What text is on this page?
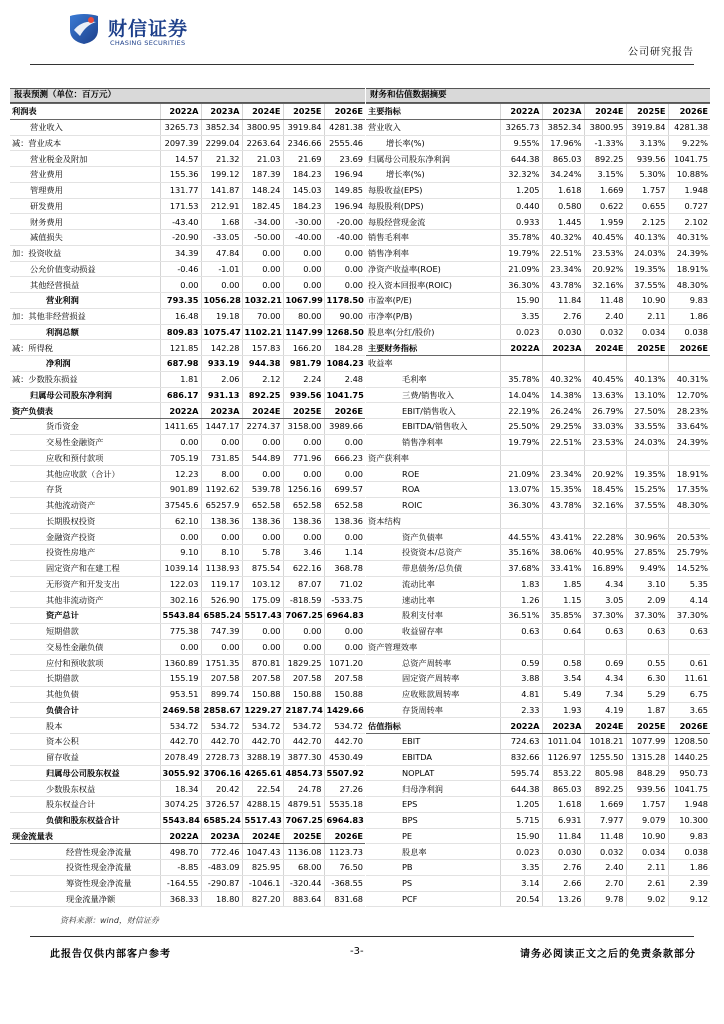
财信证券
CHASING SECURITIES
公司研究报告
报表预测（单位：百万元）
利润表	2022A	2023A	2024E	2025E	2026E
营业收入	3265.73	3852.34	3800.95	3919.84	4281.38
减：营业成本	2097.39	2299.04	2263.64	2346.66	2555.46
营业税金及附加	14.57	21.32	21.03	21.69	23.69
营业费用	155.36	199.12	187.39	184.23	196.94
管理费用	131.77	141.87	148.24	145.03	149.85
研发费用	171.53	212.91	182.45	184.23	196.94
财务费用	-43.40	1.68	-34.00	-30.00	-20.00
减值损失	-20.90	-33.05	-50.00	-40.00	-40.00
加：投资收益	34.39	47.84	0.00	0.00	0.00
公允价值变动损益	-0.46	-1.01	0.00	0.00	0.00
其他经营损益	0.00	0.00	0.00	0.00	0.00
营业利润	793.35	1056.28	1032.21	1067.99	1178.50
加：其他非经营损益	16.48	19.18	70.00	80.00	90.00
利润总额	809.83	1075.47	1102.21	1147.99	1268.50
减：所得税	121.85	142.28	157.83	166.20	184.28
净利润	687.98	933.19	944.38	981.79	1084.23
减：少数股东损益	1.81	2.06	2.12	2.24	2.48
归属母公司股东净利润	686.17	931.13	892.25	939.56	1041.75
资产负债表	2022A	2023A	2024E	2025E	2026E
货币资金	1411.65	1447.17	2274.37	3158.00	3989.66
交易性金融资产	0.00	0.00	0.00	0.00	0.00
应收和预付款项	705.19	731.85	544.89	771.96	666.23
其他应收款（合计）	12.23	8.00	0.00	0.00	0.00
存货	901.89	1192.62	539.78	1256.16	699.57
其他流动资产	37545.6	65257.9	652.58	652.58	652.58
长期股权投资	62.10	138.36	138.36	138.36	138.36
金融资产投资	0.00	0.00	0.00	0.00	0.00
投资性房地产	9.10	8.10	5.78	3.46	1.14
固定资产和在建工程	1039.14	1138.93	875.54	622.16	368.78
无形资产和开发支出	122.03	119.17	103.12	87.07	71.02
其他非流动资产	302.16	526.90	175.09	-818.59	-533.75
资产总计	5543.84	6585.24	5517.43	7067.25	6964.83
短期借款	775.38	747.39	0.00	0.00	0.00
交易性金融负债	0.00	0.00	0.00	0.00	0.00
应付和预收款项	1360.89	1751.35	870.81	1829.25	1071.20
长期借款	155.19	207.58	207.58	207.58	207.58
其他负债	953.51	899.74	150.88	150.88	150.88
负债合计	2469.58	2858.67	1229.27	2187.74	1429.66
股本	534.72	534.72	534.72	534.72	534.72
资本公积	442.70	442.70	442.70	442.70	442.70
留存收益	2078.49	2728.73	3288.19	3877.30	4530.49
归属母公司股东权益	3055.92	3706.16	4265.61	4854.73	5507.92
少数股东权益	18.34	20.42	22.54	24.78	27.26
股东权益合计	3074.25	3726.57	4288.15	4879.51	5535.18
负债和股东权益合计	5543.84	6585.24	5517.43	7067.25	6964.83
现金流量表	2022A	2023A	2024E	2025E	2026E
经营性现金净流量	498.70	772.46	1047.43	1136.08	1123.73
投资性现金净流量	-8.85	-483.09	825.95	68.00	76.50
筹资性现金净流量	-164.55	-290.87	-1046.1	-320.44	-368.55
现金流量净额	368.33	18.80	827.20	883.64	831.68
财务和估值数据摘要
主要指标	2022A	2023A	2024E	2025E	2026E
营业收入	3265.73	3852.34	3800.95	3919.84	4281.38
增长率(%)	9.55%	17.96%	-1.33%	3.13%	9.22%
归属母公司股东净利润	644.38	865.03	892.25	939.56	1041.75
增长率(%)	32.32%	34.24%	3.15%	5.30%	10.88%
每股收益(EPS)	1.205	1.618	1.669	1.757	1.948
每股股利(DPS)	0.440	0.580	0.622	0.655	0.727
每股经营现金流	0.933	1.445	1.959	2.125	2.102
销售毛利率	35.78%	40.32%	40.45%	40.13%	40.31%
销售净利率	19.79%	22.51%	23.53%	24.03%	24.39%
净资产收益率(ROE)	21.09%	23.34%	20.92%	19.35%	18.91%
投入资本回报率(ROIC)	36.30%	43.78%	32.16%	37.55%	48.30%
市盈率(P/E)	15.90	11.84	11.48	10.90	9.83
市净率(P/B)	3.35	2.76	2.40	2.11	1.86
股息率(分红/股价)	0.023	0.030	0.032	0.034	0.038
主要财务指标	2022A	2023A	2024E	2025E	2026E
收益率					
毛利率	35.78%	40.32%	40.45%	40.13%	40.31%
三费/销售收入	14.04%	14.38%	13.63%	13.10%	12.70%
EBIT/销售收入	22.19%	26.24%	26.79%	27.50%	28.23%
EBITDA/销售收入	25.50%	29.25%	33.03%	33.55%	33.64%
销售净利率	19.79%	22.51%	23.53%	24.03%	24.39%
资产获利率					
ROE	21.09%	23.34%	20.92%	19.35%	18.91%
ROA	13.07%	15.35%	18.45%	15.25%	17.35%
ROIC	36.30%	43.78%	32.16%	37.55%	48.30%
资本结构					
资产负债率	44.55%	43.41%	22.28%	30.96%	20.53%
投资资本/总资产	35.16%	38.06%	40.95%	27.85%	25.79%
带息债务/总负债	37.68%	33.41%	16.89%	9.49%	14.52%
流动比率	1.83	1.85	4.34	3.10	5.35
速动比率	1.26	1.15	3.05	2.09	4.14
股利支付率	36.51%	35.85%	37.30%	37.30%	37.30%
收益留存率	0.63	0.64	0.63	0.63	0.63
资产管理效率					
总资产周转率	0.59	0.58	0.69	0.55	0.61
固定资产周转率	3.88	3.54	4.34	6.30	11.61
应收账款周转率	4.81	5.49	7.34	5.29	6.75
存货周转率	2.33	1.93	4.19	1.87	3.65
估值指标	2022A	2023A	2024E	2025E	2026E
EBIT	724.63	1011.04	1018.21	1077.99	1208.50
EBITDA	832.66	1126.97	1255.50	1315.28	1440.25
NOPLAT	595.74	853.22	805.98	848.29	950.73
归母净利润	644.38	865.03	892.25	939.56	1041.75
EPS	1.205	1.618	1.669	1.757	1.948
BPS	5.715	6.931	7.977	9.079	10.300
PE	15.90	11.84	11.48	10.90	9.83
股息率	0.023	0.030	0.032	0.034	0.038
PB	3.35	2.76	2.40	2.11	1.86
PS	3.14	2.66	2.70	2.61	2.39
PCF	20.54	13.26	9.78	9.02	9.12
资料来源：wind，财信证券
此报告仅供内部客户参考	-3-	请务必阅读正文之后的免责条款部分
